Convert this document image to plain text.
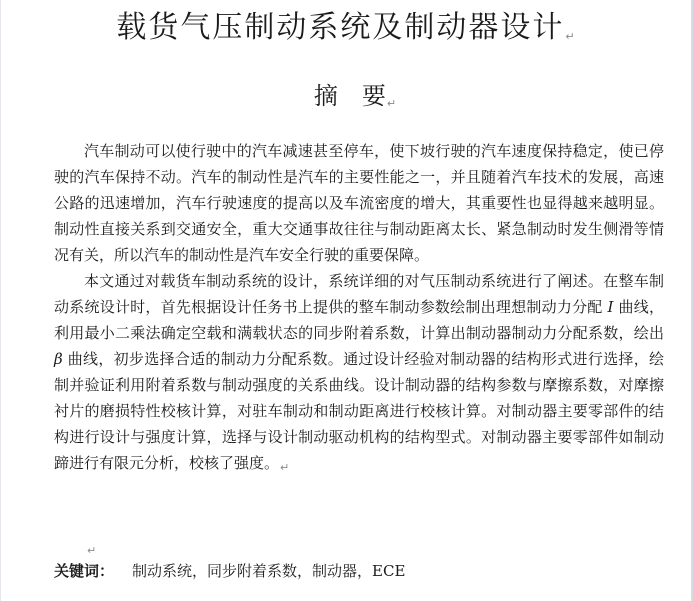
载货气压制动系统及制动器设计↵
摘 要↵

汽车制动可以使行驶中的汽车减速甚至停车，使下坡行驶的汽车速度保持稳定，使已停驶的汽车保持不动。汽车的制动性是汽车的主要性能之一，并且随着汽车技术的发展，高速公路的迅速增加，汽车行驶速度的提高以及车流密度的增大，其重要性也显得越来越明显。制动性直接关系到交通安全，重大交通事故往往与制动距离太长、紧急制动时发生侧滑等情况有关，所以汽车的制动性是汽车安全行驶的重要保障。

本文通过对载货车制动系统的设计，系统详细的对气压制动系统进行了阐述。在整车制动系统设计时，首先根据设计任务书上提供的整车制动参数绘制出理想制动力分配 I 曲线，利用最小二乘法确定空载和满载状态的同步附着系数，计算出制动器制动力分配系数，绘出 β 曲线，初步选择合适的制动力分配系数。通过设计经验对制动器的结构形式进行选择，绘制并验证利用附着系数与制动强度的关系曲线。设计制动器的结构参数与摩擦系数，对摩擦衬片的磨损特性校核计算，对驻车制动和制动距离进行校核计算。对制动器主要零部件的结构进行设计与强度计算，选择与设计制动驱动机构的结构型式。对制动器主要零部件如制动蹄进行有限元分析，校核了强度。$_↵$

↵
关键词： 制动系统，同步附着系数，制动器，ECE
